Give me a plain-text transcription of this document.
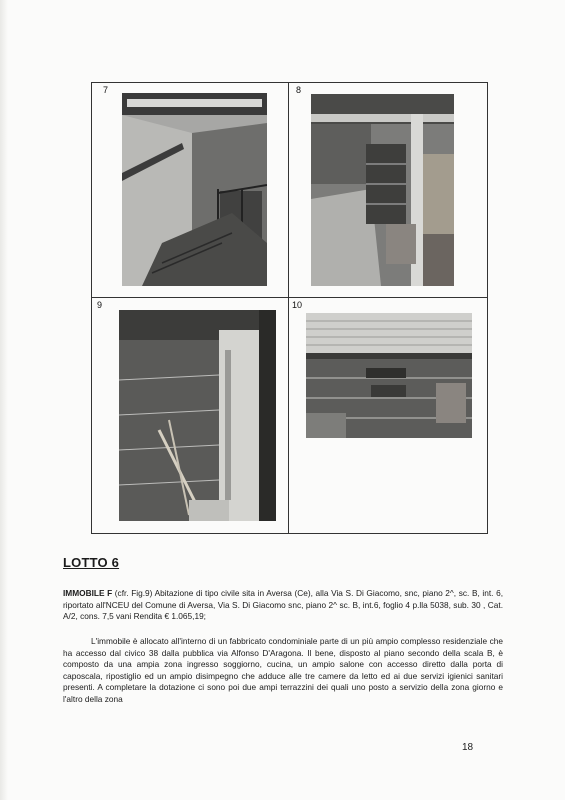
7	8
9	10
LOTTO 6
IMMOBILE F (cfr. Fig.9) Abitazione di tipo civile sita in Aversa (Ce), alla Via S. Di Giacomo, snc, piano 2^, sc. B, int. 6, riportato all'NCEU del Comune di Aversa, Via S. Di Giacomo snc, piano 2^ sc. B, int.6, foglio 4 p.lla 5038, sub. 30 , Cat. A/2, cons. 7,5 vani Rendita € 1.065,19;
L'immobile è allocato all'interno di un fabbricato condominiale parte di un più ampio complesso residenziale che ha accesso dal civico 38 dalla pubblica via Alfonso D'Aragona. Il bene, disposto al piano secondo della scala B, è composto da una ampia zona ingresso soggiorno, cucina, un ampio salone con accesso diretto dalla porta di caposcala, ripostiglio ed un ampio disimpegno che adduce alle tre camere da letto ed ai due servizi igienici sanitari presenti. A completare la dotazione ci sono poi due ampi terrazzini dei quali uno posto a servizio della zona giorno e l'altro della zona
18
